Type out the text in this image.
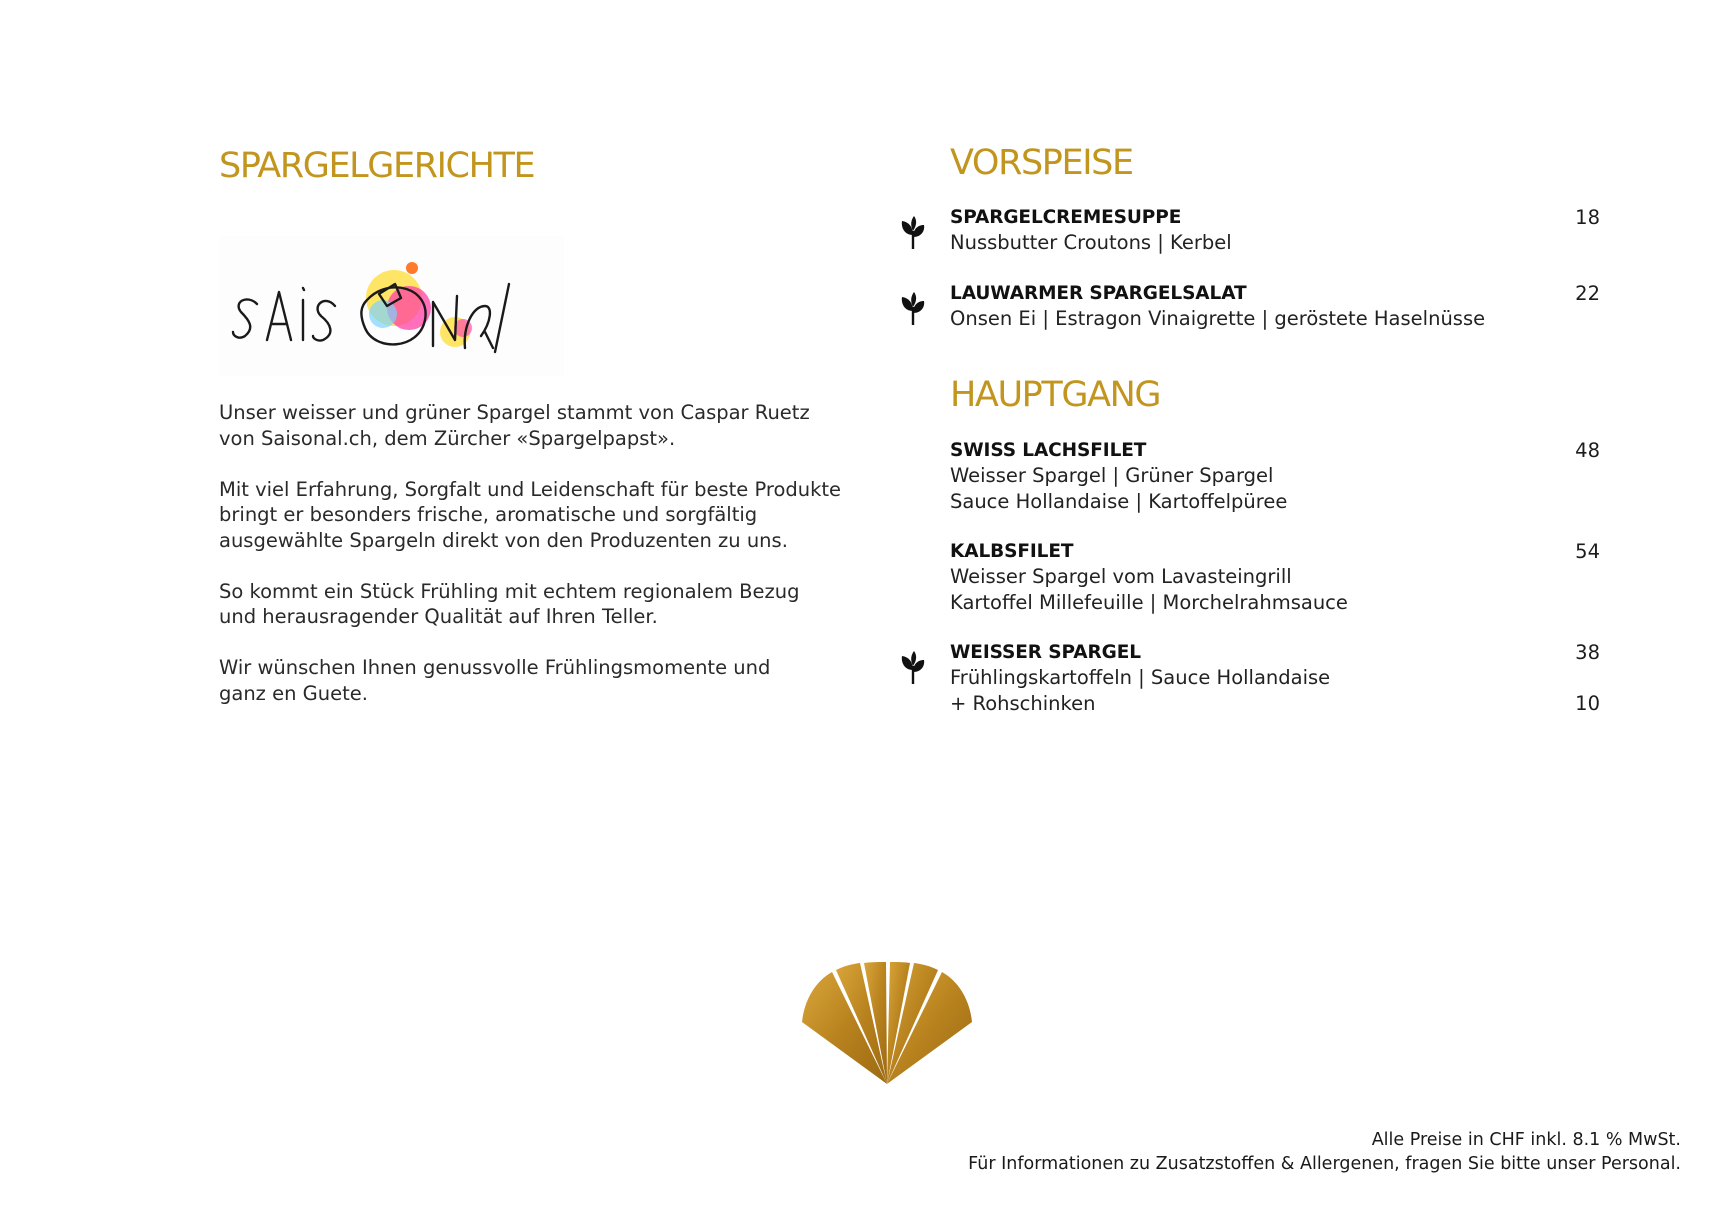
SPARGELGERICHTE

Unser weisser und grüner Spargel stammt von Caspar Ruetz
von Saisonal.ch, dem Zürcher «Spargelpapst».

Mit viel Erfahrung, Sorgfalt und Leidenschaft für beste Produkte
bringt er besonders frische, aromatische und sorgfältig
ausgewählte Spargeln direkt von den Produzenten zu uns.

So kommt ein Stück Frühling mit echtem regionalem Bezug
und herausragender Qualität auf Ihren Teller.

Wir wünschen Ihnen genussvolle Frühlingsmomente und
ganz en Guete.

VORSPEISE
SPARGELCREMESUPPE
Nussbutter Croutons | Kerbel
18
LAUWARMER SPARGELSALAT
Onsen Ei | Estragon Vinaigrette | geröstete Haselnüsse
22
HAUPTGANG
SWISS LACHSFILET
Weisser Spargel | Grüner Spargel
Sauce Hollandaise | Kartoffelpüree
48
KALBSFILET
Weisser Spargel vom Lavasteingrill
Kartoffel Millefeuille | Morchelrahmsauce
54
WEISSER SPARGEL
Frühlingskartoffeln | Sauce Hollandaise
38
+ Rohschinken	10
Alle Preise in CHF inkl. 8.1 % MwSt.
Für Informationen zu Zusatzstoffen & Allergenen, fragen Sie bitte unser Personal.
